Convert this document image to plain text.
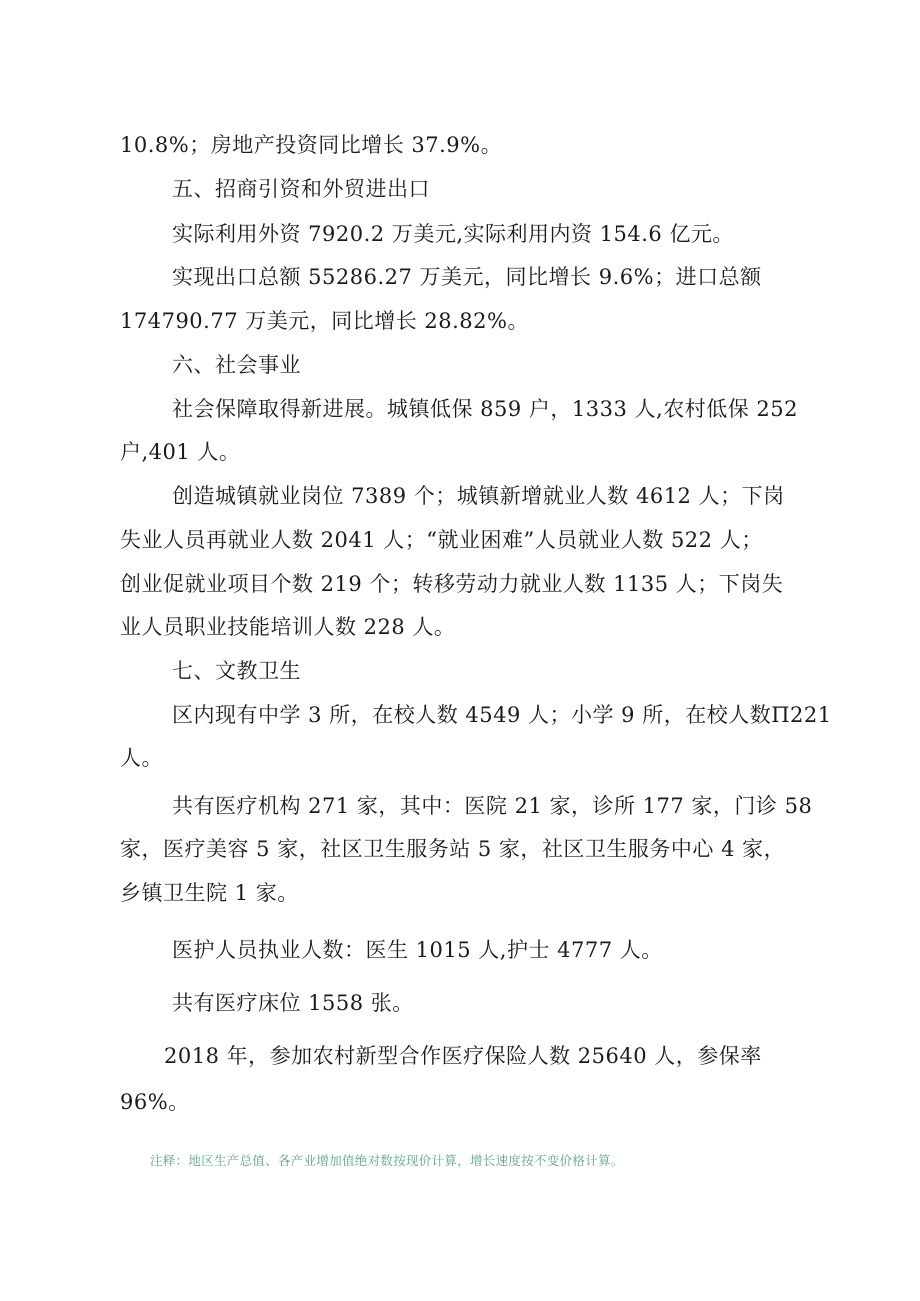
10.8%；房地产投资同比增长 37.9%。
五、招商引资和外贸进出口
实际利用外资 7920.2 万美元,实际利用内资 154.6 亿元。
实现出口总额 55286.27 万美元，同比增长 9.6%；进口总额
174790.77 万美元，同比增长 28.82%。
六、社会事业
社会保障取得新进展。城镇低保 859 户，1333 人,农村低保 252
户,401 人。
创造城镇就业岗位 7389 个；城镇新增就业人数 4612 人；下岗
失业人员再就业人数 2041 人；“就业困难”人员就业人数 522 人；
创业促就业项目个数 219 个；转移劳动力就业人数 1135 人；下岗失
业人员职业技能培训人数 228 人。
七、文教卫生
区内现有中学 3 所，在校人数 4549 人；小学 9 所，在校人数Π221
人。
共有医疗机构 271 家，其中：医院 21 家，诊所 177 家，门诊 58
家，医疗美容 5 家，社区卫生服务站 5 家，社区卫生服务中心 4 家，
乡镇卫生院 1 家。
医护人员执业人数：医生 1015 人,护士 4777 人。
共有医疗床位 1558 张。
2018 年，参加农村新型合作医疗保险人数 25640 人，参保率
96%。
注释：地区生产总值、各产业增加值绝对数按现价计算，增长速度按不变价格计算。
